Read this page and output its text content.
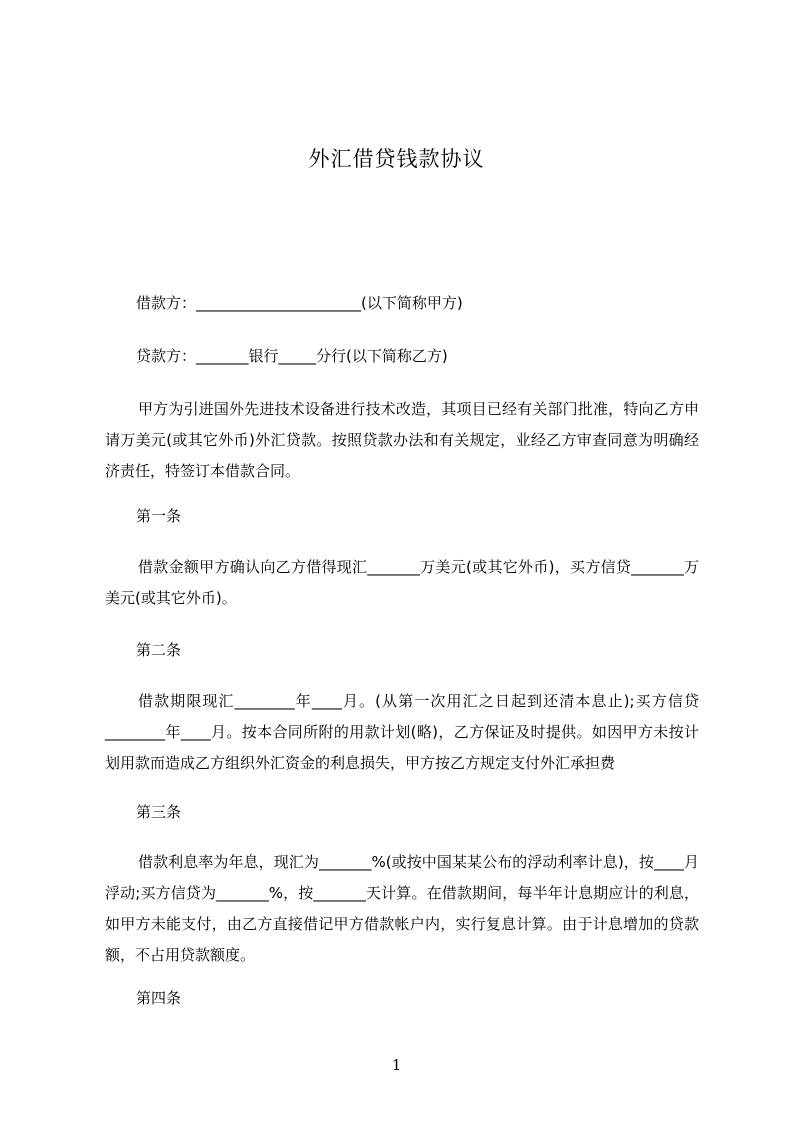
外汇借贷钱款协议
借款方：______________________(以下简称甲方)
贷款方：_______银行_____分行(以下简称乙方)
甲方为引进国外先进技术设备进行技术改造，其项目已经有关部门批准，特向乙方申请万美元(或其它外币)外汇贷款。按照贷款办法和有关规定，业经乙方审查同意为明确经济责任，特签订本借款合同。
第一条
借款金额甲方确认向乙方借得现汇_______万美元(或其它外币)，买方信贷_______万美元(或其它外币)。
第二条
借款期限现汇________年____月。(从第一次用汇之日起到还清本息止);买方信贷________年____月。按本合同所附的用款计划(略)，乙方保证及时提供。如因甲方未按计划用款而造成乙方组织外汇资金的利息损失，甲方按乙方规定支付外汇承担费
第三条
借款利息率为年息，现汇为_______%(或按中国某某公布的浮动利率计息)，按____月浮动;买方信贷为_______%，按_______天计算。在借款期间，每半年计息期应计的利息，如甲方未能支付，由乙方直接借记甲方借款帐户内，实行复息计算。由于计息增加的贷款额，不占用贷款额度。
第四条
1
